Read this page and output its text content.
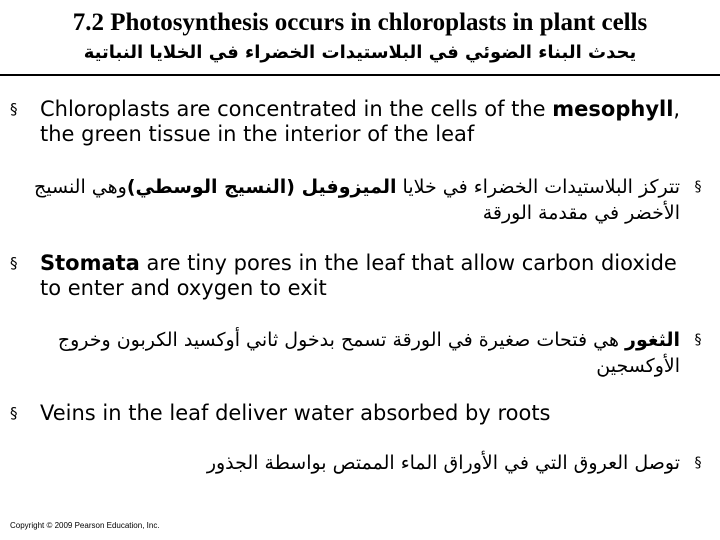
7.2 Photosynthesis occurs in chloroplasts in plant cells
يحدث البناء الضوئي في البلاستيدات الخضراء في الخلايا النباتية
§	Chloroplasts are concentrated in the cells of the mesophyll, the green tissue in the interior of the leaf
§
تتركز البلاستيدات الخضراء في خلايا الميزوفيل (النسيج الوسطي)وهي النسيج الأخضر في مقدمة الورقة
§	Stomata are tiny pores in the leaf that allow carbon dioxide to enter and oxygen to exit
§
الثغور هي فتحات صغيرة في الورقة تسمح بدخول ثاني أوكسيد الكربون وخروج الأوكسجين
§	Veins in the leaf deliver water absorbed by roots
§
توصل العروق التي في الأوراق الماء الممتص بواسطة الجذور
Copyright © 2009 Pearson Education, Inc.
